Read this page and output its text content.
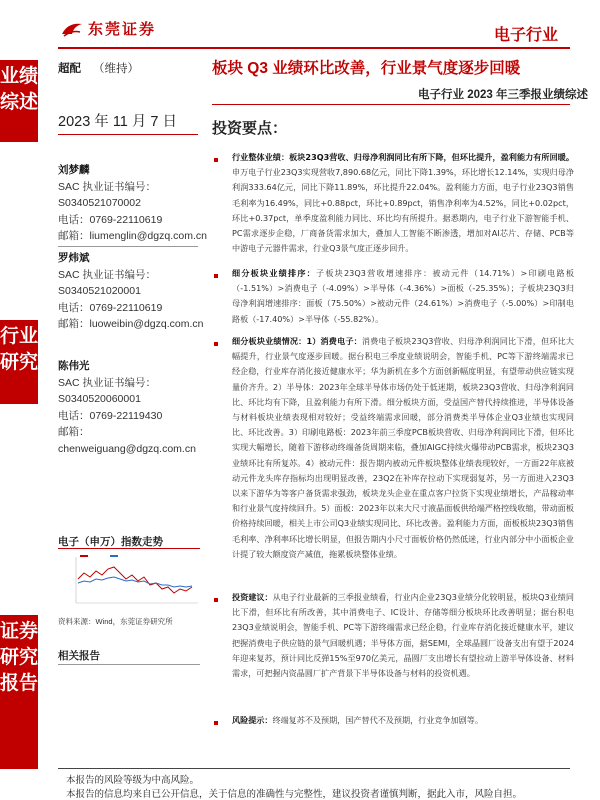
业绩综述
行业研究
证券研究报告
东莞证券	电子行业
超配 （维持）	板块 Q3 业绩环比改善，行业景气度逐步回暖
电子行业 2023 年三季报业绩综述
2023 年 11 月 7 日 投资要点：
刘梦麟
SAC 执业证书编号：
S0340521070002
电话：0769-22110619
邮箱：liumenglin@dgzq.com.cn
罗炜斌
SAC 执业证书编号：
S0340521020001
电话：0769-22110619
邮箱：luoweibin@dgzq.com.cn
陈伟光
SAC 执业证书编号：
S0340520060001
电话：0769-22119430
邮箱：
chenweiguang@dgzq.com.cn
电子（申万）指数走势
资料来源：Wind，东莞证券研究所
相关报告
行业整体业绩：板块23Q3营收、归母净利润同比有所下降，但环比提升，盈利能力有所回暖。申万电子行业23Q3实现营收7,890.68亿元，同比下降1.39%，环比增长12.14%，实现归母净利润333.64亿元，同比下降11.89%，环比提升22.04%。盈利能力方面，电子行业23Q3销售毛利率为16.49%，同比+0.88pct，环比+0.89pct，销售净利率为4.52%，同比+0.02pct，环比+0.37pct，单季度盈利能力同比、环比均有所提升。据悉期内，电子行业下游智能手机、PC需求逐步企稳，厂商备货需求加大，叠加人工智能不断渗透，增加对AI芯片、存储、PCB等中游电子元器件需求，行业Q3景气度正逐步回升。
细分板块业绩排序：子板块23Q3营收增速排序：被动元件（14.71%）>印刷电路板（-1.51%）>消费电子（-4.09%）>半导体（-4.36%）>面板（-25.35%）；子板块23Q3归母净利润增速排序：面板（75.50%）>被动元件（24.61%）>消费电子（-5.00%）>印制电路板（-17.40%）>半导体（-55.82%）。
细分板块业绩情况：1）消费电子：消费电子板块23Q3营收、归母净利润同比下滑，但环比大幅提升，行业景气度逐步回暖。据台积电三季度业绩说明会，智能手机、PC等下游终端需求已经企稳，行业库存消化接近健康水平；华为新机在多个方面创新幅度明显，有望带动供应链实现量价齐升。2）半导体：2023年全球半导体市场仍处于低迷期，板块23Q3营收、归母净利润同比、环比均有下降，且盈利能力有所下滑。细分板块方面，受益国产替代持续推进，半导体设备与材料板块业绩表现相对较好；受益终端需求回暖，部分消费类半导体企业Q3业绩也实现同比、环比改善。3）印刷电路板：2023年前三季度PCB板块营收、归母净利润同比下滑，但环比实现大幅增长，随着下游移动终端备货周期来临，叠加AIGC持续火爆带动PCB需求，板块23Q3业绩环比有所复苏。4）被动元件：报告期内被动元件板块整体业绩表现较好，一方面22年底被动元件龙头库存指标均出现明显改善，23Q2在补库存拉动下实现弱复苏，另一方面进入23Q3以来下游华为等客户备货需求强劲，板块龙头企业在重点客户拉货下实现业绩增长，产品稼动率和行业景气度持续回升。5）面板：2023年以来大尺寸液晶面板供给端严格控线收缩，带动面板价格持续回暖，相关上市公司Q3业绩实现同比、环比改善。盈利能力方面，面板板块23Q3销售毛利率、净利率环比增长明显，但报告期内小尺寸面板价格仍然低迷，行业内部分中小面板企业计提了较大额度资产减值，拖累板块整体业绩。
投资建议：从电子行业最新的三季报业绩看，行业内企业23Q3业绩分化较明显，板块Q3业绩同比下滑，但环比有所改善，其中消费电子、IC设计、存储等细分板块环比改善明显；据台积电23Q3业绩说明会，智能手机、PC等下游终端需求已经企稳，行业库存消化接近健康水平，建议把握消费电子供应链的景气回暖机遇；半导体方面，据SEMI，全球晶圆厂设备支出有望于2024年迎来复苏，预计同比反弹15%至970亿美元，晶圆厂支出增长有望拉动上游半导体设备、材料需求，可把握内资晶圆厂扩产背景下半导体设备与材料的投资机遇。
风险提示：终端复苏不及预期，国产替代不及预期，行业竞争加剧等。
本报告的风险等级为中高风险。
本报告的信息均来自已公开信息，关于信息的准确性与完整性，建议投资者谨慎判断，据此入市，风险自担。
